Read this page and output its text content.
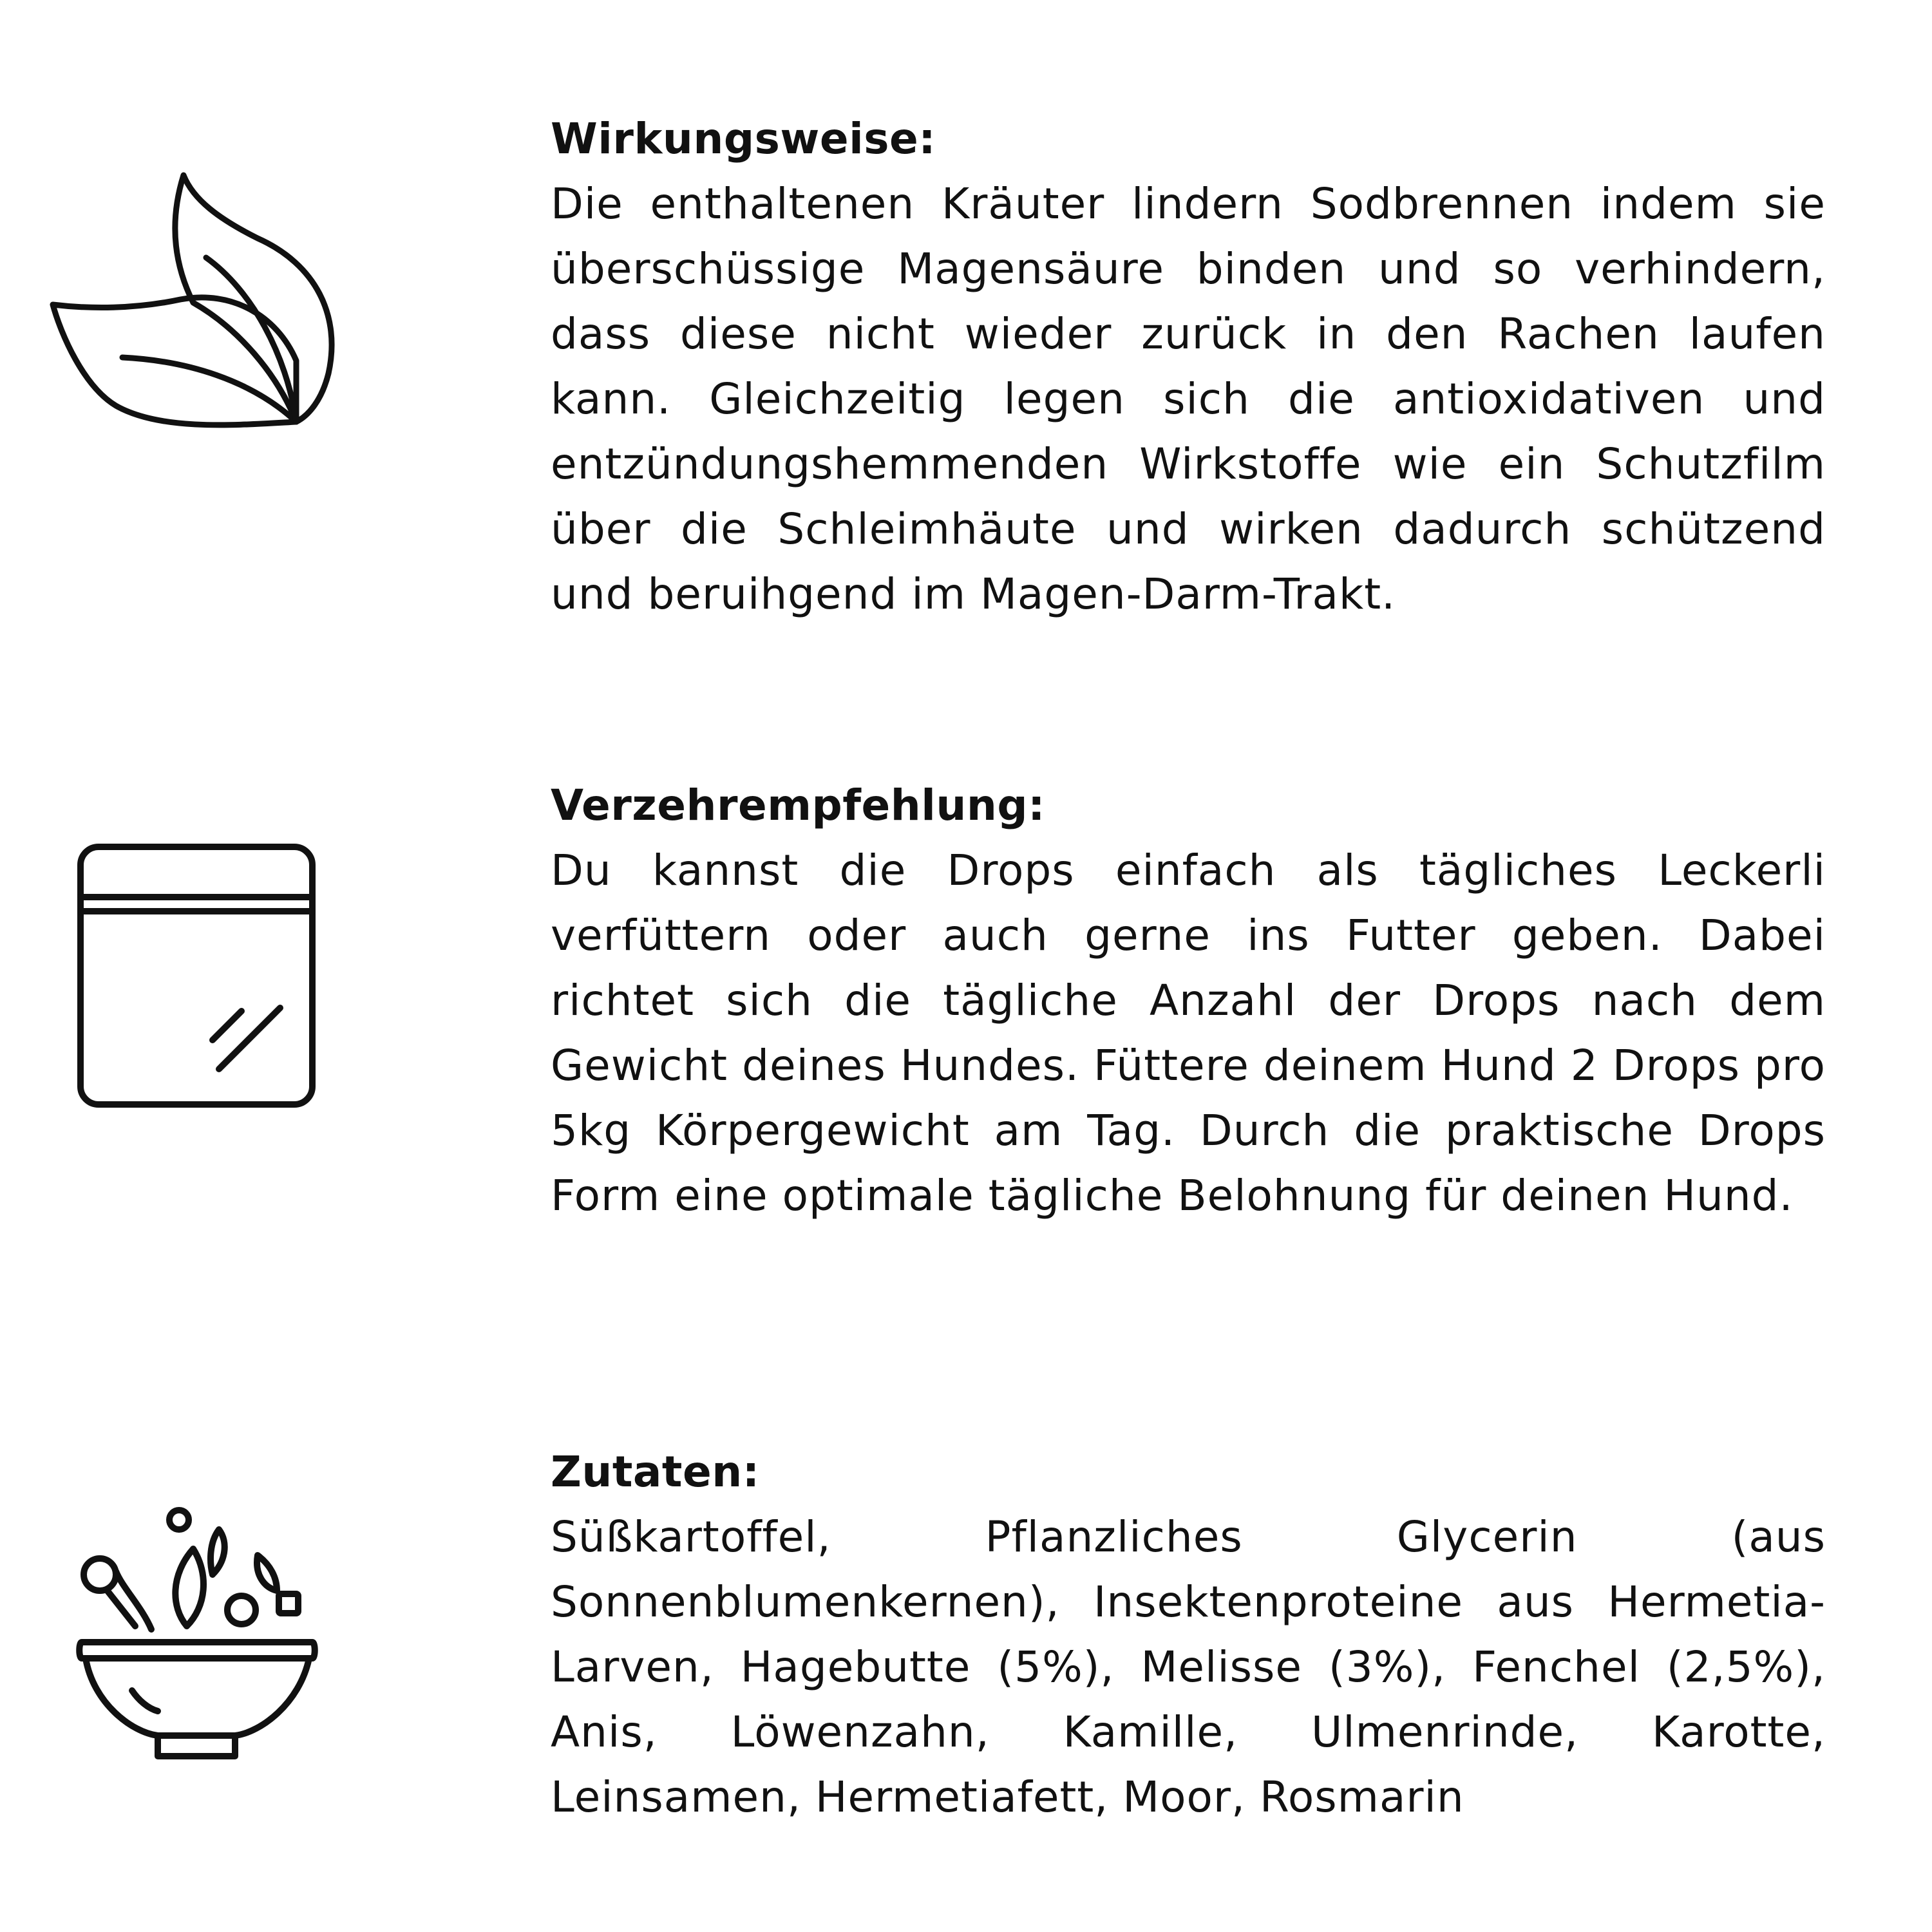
Wirkungsweise:

Die enthaltenen Kräuter lindern Sodbrennen indem sie überschüssige Magensäure binden und so verhindern, dass diese nicht wieder zurück in den Rachen laufen kann. Gleichzeitig legen sich die antioxidativen und entzündungshemmenden Wirkstoffe wie ein Schutzfilm über die Schleimhäute und wirken dadurch schützend und beruihgend im Magen-Darm-Trakt.

Verzehrempfehlung:

Du kannst die Drops einfach als tägliches Leckerli verfüttern oder auch gerne ins Futter geben. Dabei richtet sich die tägliche Anzahl der Drops nach dem Gewicht deines Hundes. Füttere deinem Hund 2 Drops pro 5kg Körpergewicht am Tag. Durch die praktische Drops Form eine optimale tägliche Belohnung für deinen Hund.

Zutaten:

Süßkartoffel, Pflanzliches Glycerin (aus Sonnenblumenkernen), Insektenproteine aus Hermetia-Larven, Hagebutte (5%), Melisse (3%), Fenchel (2,5%), Anis, Löwenzahn, Kamille, Ulmenrinde, Karotte, Leinsamen, Hermetiafett, Moor, Rosmarin
